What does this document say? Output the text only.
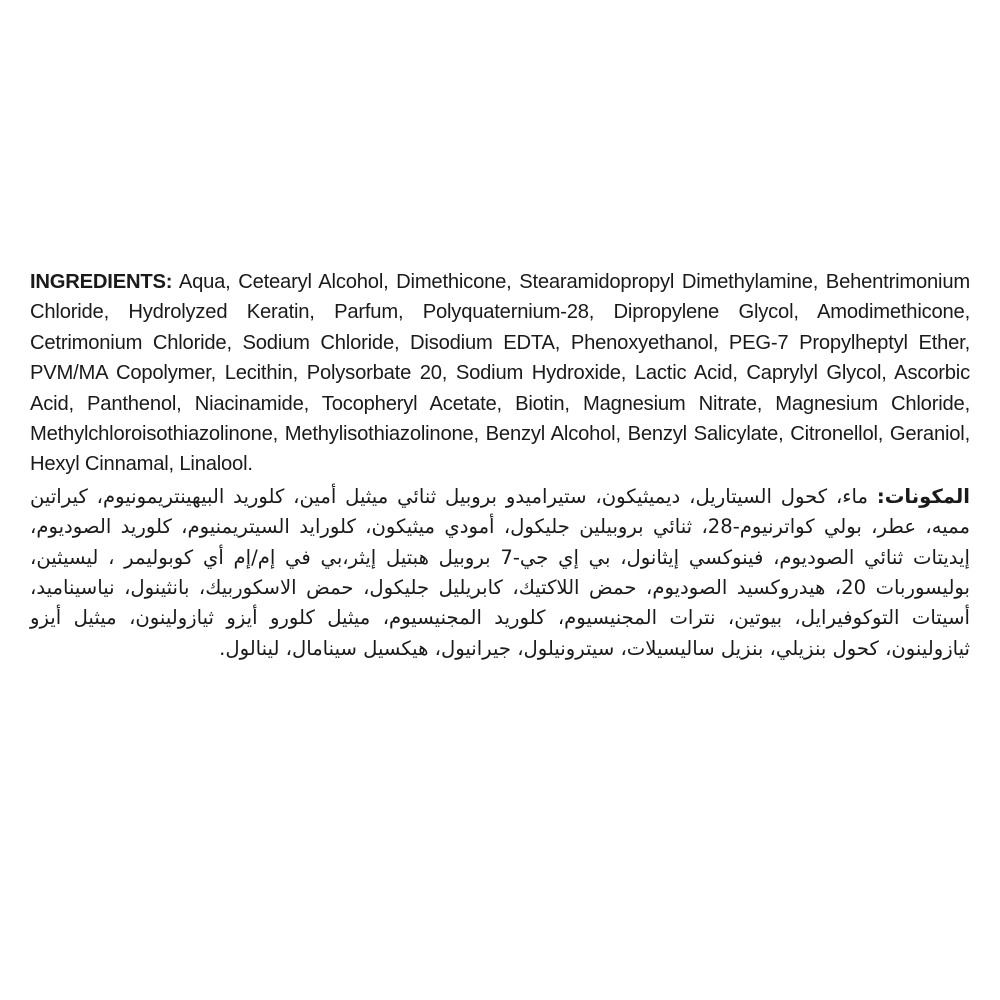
INGREDIENTS: Aqua, Cetearyl Alcohol, Dimethicone, Stearamidopropyl Dimethylamine, Behentrimonium Chloride, Hydrolyzed Keratin, Parfum, Polyquaternium-28, Dipropylene Glycol, Amodimethicone, Cetrimonium Chloride, Sodium Chloride, Disodium EDTA, Phenoxyethanol, PEG-7 Propylheptyl Ether, PVM/MA Copolymer, Lecithin, Polysorbate 20, Sodium Hydroxide, Lactic Acid, Caprylyl Glycol, Ascorbic Acid, Panthenol, Niacinamide, Tocopheryl Acetate, Biotin, Magnesium Nitrate, Magnesium Chloride, Methylchloroisothiazolinone, Methylisothiazolinone, Benzyl Alcohol, Benzyl Salicylate, Citronellol, Geraniol, Hexyl Cinnamal, Linalool.

المكونات: ماء، كحول السيتاريل، ديميثيكون، ستيراميدو بروبيل ثنائي ميثيل أمين، كلوريد البيهينتريمونيوم، كيراتين مميه، عطر، بولي كواترنيوم-28، ثنائي بروبيلين جليكول، أمودي ميثيكون، كلورايد السيتريمنيوم، كلوريد الصوديوم، إيديتات ثنائي الصوديوم، فينوكسي إيثانول، بي إي جي-7 بروبيل هبتيل إيثر،بي في إم/إم أي كوبوليمر ، ليسيثين، بوليسوربات 20، هيدروكسيد الصوديوم، حمض اللاكتيك، كابريليل جليكول، حمض الاسكوربيك، بانثينول، نياسيناميد، أسيتات التوكوفيرايل، بيوتين، نترات المجنيسيوم، كلوريد المجنيسيوم، ميثيل كلورو أيزو ثيازولينون، ميثيل أيزو ثيازولينون، كحول بنزيلي، بنزيل ساليسيلات، سيترونيلول، جيرانيول، هيكسيل سينامال، لينالول.
